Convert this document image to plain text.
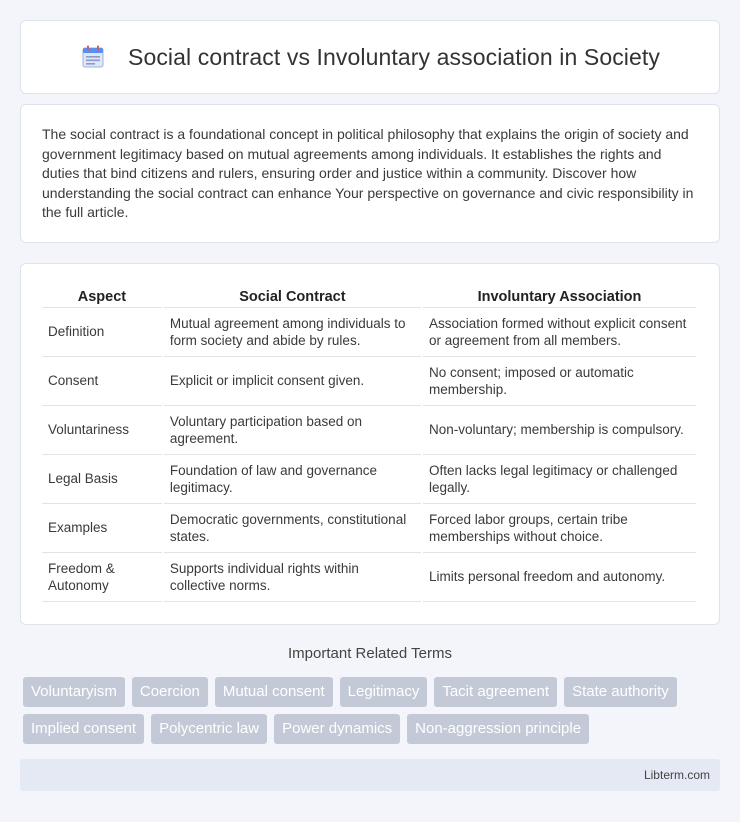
Social contract vs Involuntary association in Society

The social contract is a foundational concept in political philosophy that explains the origin of society and government legitimacy based on mutual agreements among individuals. It establishes the rights and duties that bind citizens and rulers, ensuring order and justice within a community. Discover how understanding the social contract can enhance Your perspective on governance and civic responsibility in the full article.

Aspect	Social Contract	Involuntary Association
Definition	Mutual agreement among individuals to form society and abide by rules.	Association formed without explicit consent or agreement from all members.
Consent	Explicit or implicit consent given.	No consent; imposed or automatic membership.
Voluntariness	Voluntary participation based on agreement.	Non-voluntary; membership is compulsory.
Legal Basis	Foundation of law and governance legitimacy.	Often lacks legal legitimacy or challenged legally.
Examples	Democratic governments, constitutional states.	Forced labor groups, certain tribe memberships without choice.
Freedom & Autonomy	Supports individual rights within collective norms.	Limits personal freedom and autonomy.
Important Related Terms
Voluntaryism	Coercion	Mutual consent	Legitimacy	Tacit agreement	State authority
Implied consent	Polycentric law	Power dynamics	Non-aggression principle
Libterm.com
